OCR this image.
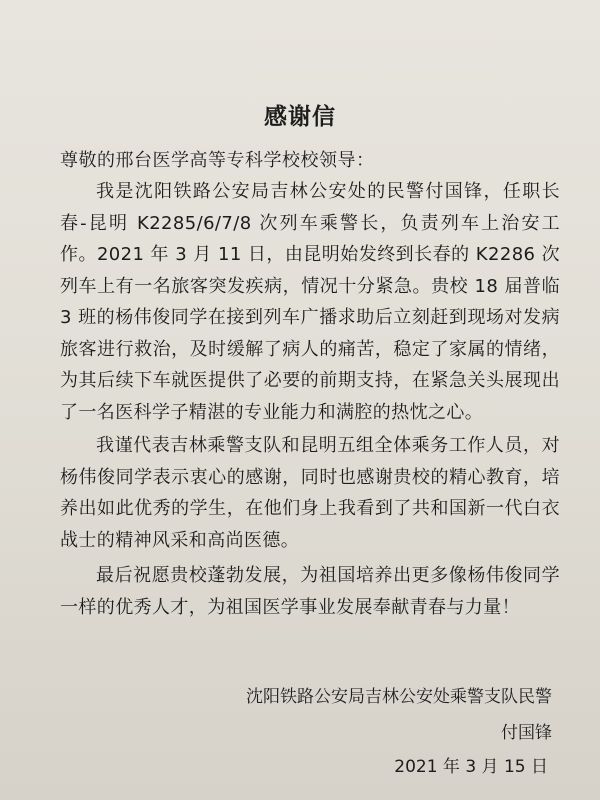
感谢信
尊敬的邢台医学高等专科学校校领导：

我是沈阳铁路公安局吉林公安处的民警付国锋，任职长春-昆明 K2285/6/7/8 次列车乘警长，负责列车上治安工作。2021 年 3 月 11 日，由昆明始发终到长春的 K2286 次列车上有一名旅客突发疾病，情况十分紧急。贵校 18 届普临 3 班的杨伟俊同学在接到列车广播求助后立刻赶到现场对发病旅客进行救治，及时缓解了病人的痛苦，稳定了家属的情绪，为其后续下车就医提供了必要的前期支持，在紧急关头展现出了一名医科学子精湛的专业能力和满腔的热忱之心。

我谨代表吉林乘警支队和昆明五组全体乘务工作人员，对杨伟俊同学表示衷心的感谢，同时也感谢贵校的精心教育，培养出如此优秀的学生，在他们身上我看到了共和国新一代白衣战士的精神风采和高尚医德。

最后祝愿贵校蓬勃发展，为祖国培养出更多像杨伟俊同学一样的优秀人才，为祖国医学事业发展奉献青春与力量！

沈阳铁路公安局吉林公安处乘警支队民警
付国锋
2021 年 3 月 15 日
